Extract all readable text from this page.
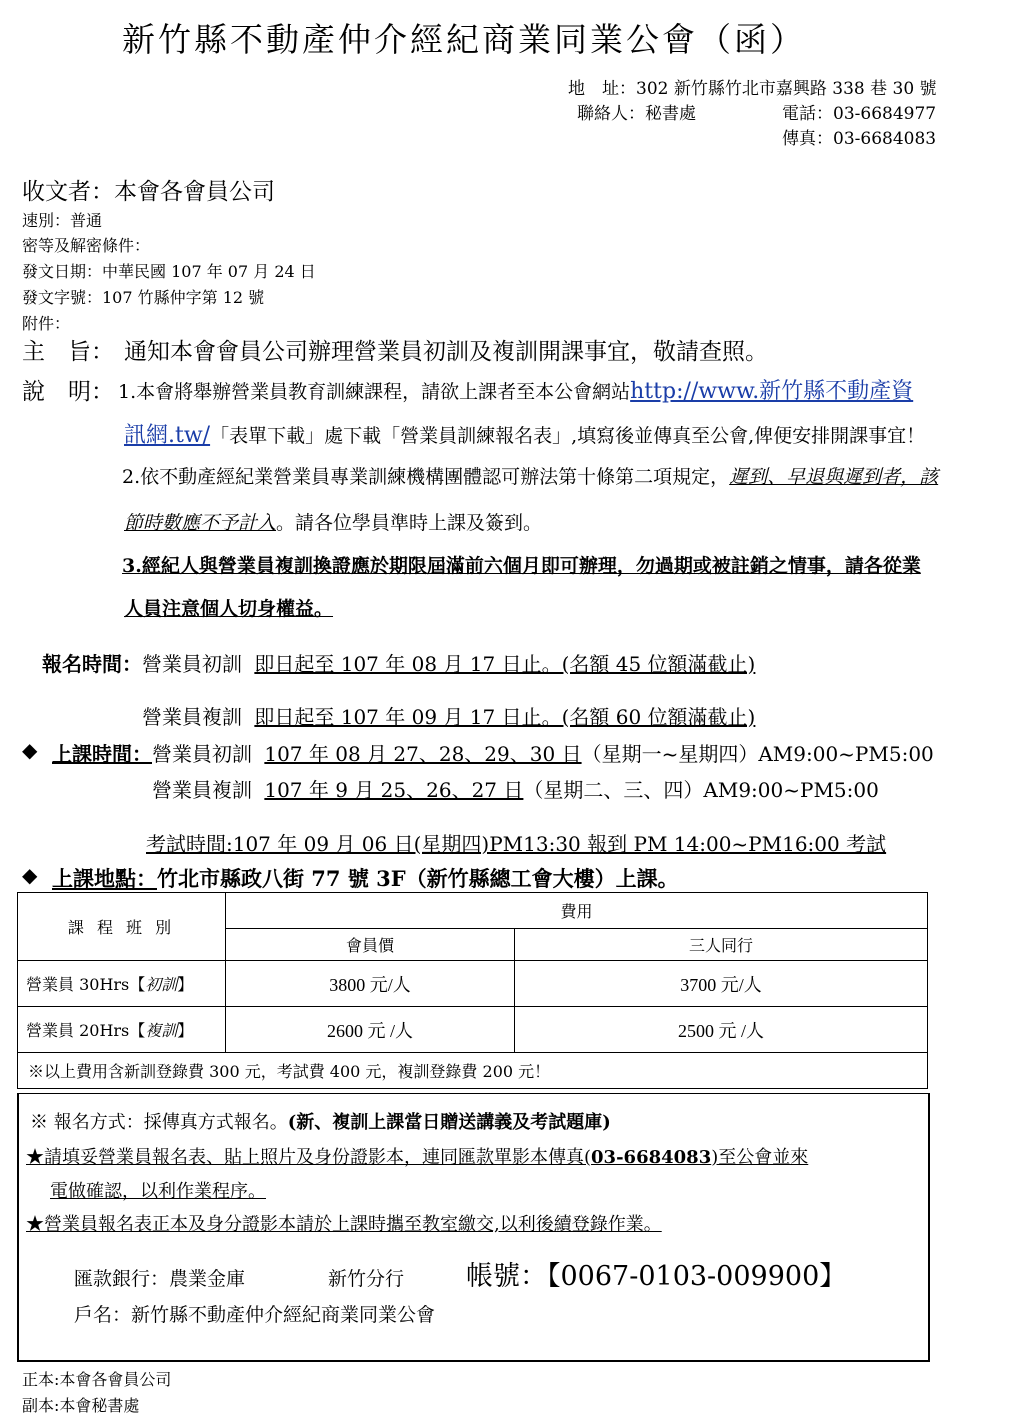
新竹縣不動產仲介經紀商業同業公會（函）
地　址：302 新竹縣竹北市嘉興路 338 巷 30 號
聯絡人：秘書處	電話：03-6684977
傳真：03-6684083
收文者：本會各會員公司
速別：普通
密等及解密條件：
發文日期：中華民國 107 年 07 月 24 日
發文字號：107 竹縣仲字第 12 號
附件：
主　旨： 通知本會會員公司辦理營業員初訓及複訓開課事宜，敬請查照。
說　明： 1.本會將舉辦營業員教育訓練課程，請欲上課者至本公會網站http://www.新竹縣不動產資
訊網.tw/「表單下載」處下載「營業員訓練報名表」,填寫後並傳真至公會,俾便安排開課事宜！
2.依不動產經紀業營業員專業訓練機構團體認可辦法第十條第二項規定，遲到、早退與遲到者，該
節時數應不予計入。請各位學員準時上課及簽到。
3.經紀人與營業員複訓換證應於期限屆滿前六個月即可辦理，勿過期或被註銷之情事，請各從業
人員注意個人切身權益。
報名時間： 營業員初訓 即日起至 107 年 08 月 17 日止。(名額 45 位額滿截止)
營業員複訓 即日起至 107 年 09 月 17 日止。(名額 60 位額滿截止)
◆ 上課時間： 營業員初訓 107 年 08 月 27、28、29、30 日（星期一~星期四）AM9:00~PM5:00
營業員複訓 107 年 9 月 25、26、27 日（星期二、三、四）AM9:00~PM5:00
考試時間:107 年 09 月 06 日(星期四)PM13:30 報到 PM 14:00~PM16:00 考試
◆ 上課地點：竹北市縣政八街 77 號 3F（新竹縣總工會大樓）上課。
課 程 班 別	費用	
	會員價	三人同行
營業員 30Hrs【初訓】	3800 元/人	3700 元/人
營業員 20Hrs【複訓】	2600 元 /人	2500 元 /人
※以上費用含新訓登錄費 300 元，考試費 400 元，複訓登錄費 200 元！		
※ 報名方式：採傳真方式報名。(新、複訓上課當日贈送講義及考試題庫)
★請填妥營業員報名表、貼上照片及身份證影本，連同匯款單影本傳真(03-6684083)至公會並來
電做確認，以利作業程序。
★營業員報名表正本及身分證影本請於上課時攜至教室繳交,以利後續登錄作業。
匯款銀行：農業金庫	新竹分行 帳號：【0067-0103-009900】
戶名：新竹縣不動產仲介經紀商業同業公會
正本:本會各會員公司
副本:本會秘書處
